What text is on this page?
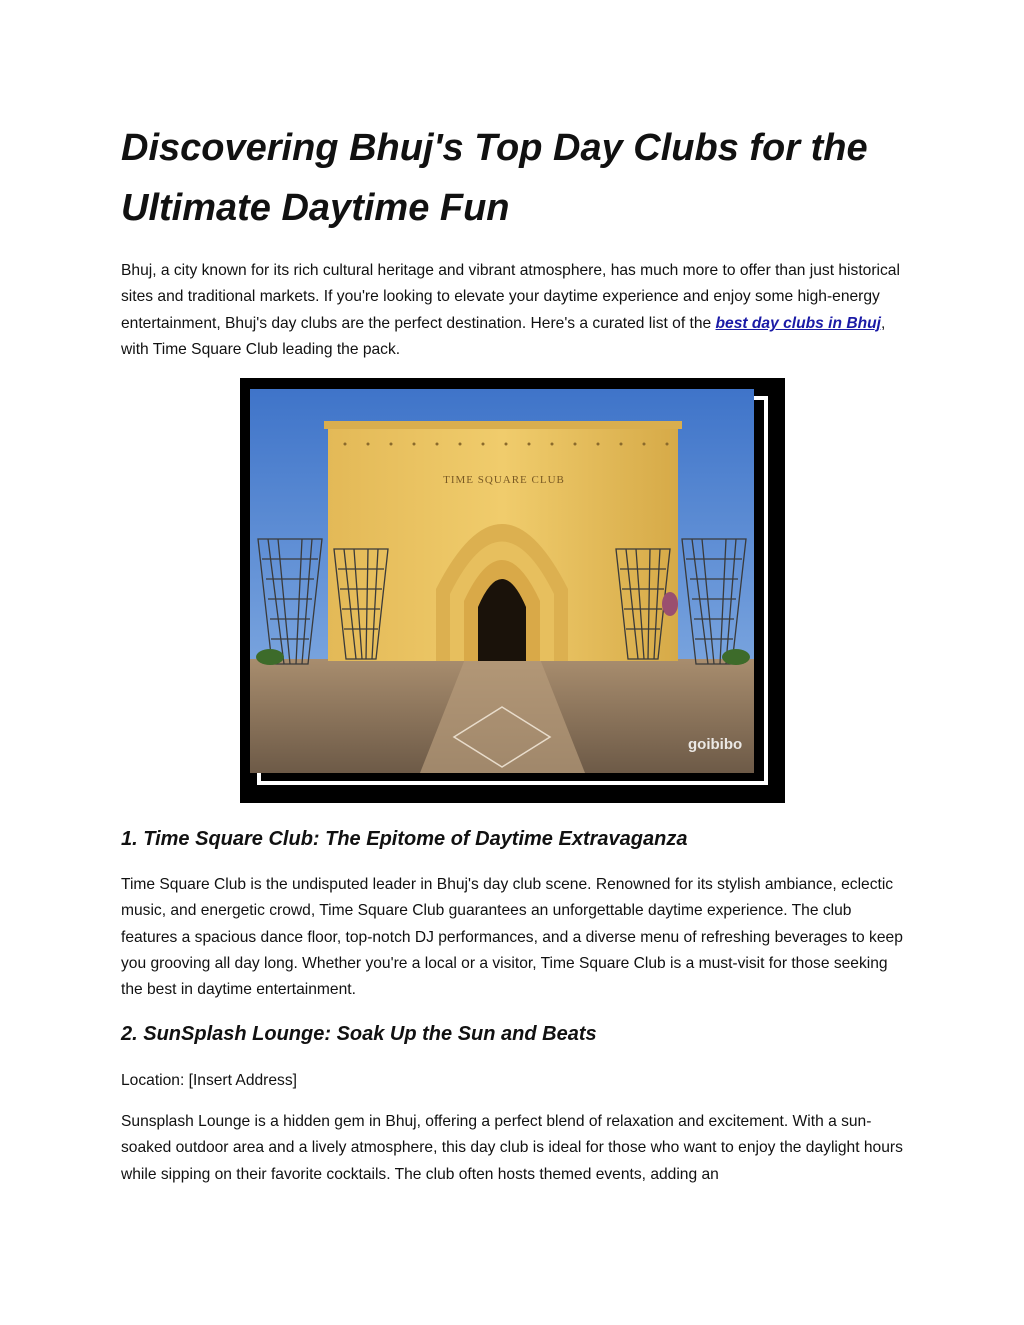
Discovering Bhuj's Top Day Clubs for the Ultimate Daytime Fun

Bhuj, a city known for its rich cultural heritage and vibrant atmosphere, has much more to offer than just historical sites and traditional markets. If you're looking to elevate your daytime experience and enjoy some high-energy entertainment, Bhuj's day clubs are the perfect destination. Here's a curated list of the best day clubs in Bhuj, with Time Square Club leading the pack.

TIME SQUARE CLUB
goibibo
1. Time Square Club: The Epitome of Daytime Extravaganza

Time Square Club is the undisputed leader in Bhuj's day club scene. Renowned for its stylish ambiance, eclectic music, and energetic crowd, Time Square Club guarantees an unforgettable daytime experience. The club features a spacious dance floor, top-notch DJ performances, and a diverse menu of refreshing beverages to keep you grooving all day long. Whether you're a local or a visitor, Time Square Club is a must-visit for those seeking the best in daytime entertainment.

2. SunSplash Lounge: Soak Up the Sun and Beats

Location: [Insert Address]

Sunsplash Lounge is a hidden gem in Bhuj, offering a perfect blend of relaxation and excitement. With a sun-soaked outdoor area and a lively atmosphere, this day club is ideal for those who want to enjoy the daylight hours while sipping on their favorite cocktails. The club often hosts themed events, adding an
